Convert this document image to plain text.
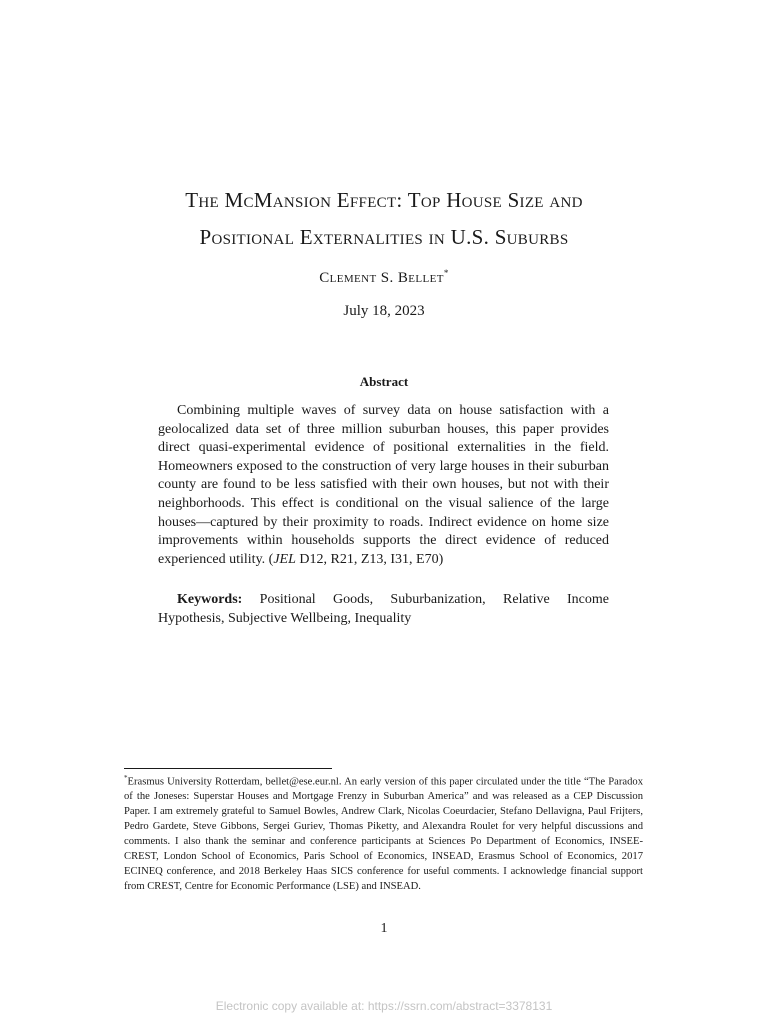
The McMansion Effect: Top House Size and
Positional Externalities in U.S. Suburbs
Clement S. Bellet*
July 18, 2023
Abstract

Combining multiple waves of survey data on house satisfaction with a geolocalized data set of three million suburban houses, this paper provides direct quasi-experimental evidence of positional externalities in the field. Homeowners exposed to the construction of very large houses in their suburban county are found to be less satisfied with their own houses, but not with their neighborhoods. This effect is conditional on the visual salience of the large houses—captured by their proximity to roads. Indirect evidence on home size improvements within households supports the direct evidence of reduced experienced utility. (JEL D12, R21, Z13, I31, E70)

Keywords: Positional Goods, Suburbanization, Relative Income Hypothesis, Subjective Wellbeing, Inequality

*Erasmus University Rotterdam, bellet@ese.eur.nl. An early version of this paper circulated under the title “The Paradox of the Joneses: Superstar Houses and Mortgage Frenzy in Suburban America” and was released as a CEP Discussion Paper. I am extremely grateful to Samuel Bowles, Andrew Clark, Nicolas Coeurdacier, Stefano Dellavigna, Paul Frijters, Pedro Gardete, Steve Gibbons, Sergei Guriev, Thomas Piketty, and Alexandra Roulet for very helpful discussions and comments. I also thank the seminar and conference participants at Sciences Po Department of Economics, INSEE-CREST, London School of Economics, Paris School of Economics, INSEAD, Erasmus School of Economics, 2017 ECINEQ conference, and 2018 Berkeley Haas SICS conference for useful comments. I acknowledge financial support from CREST, Centre for Economic Performance (LSE) and INSEAD.

1
Electronic copy available at: https://ssrn.com/abstract=3378131
